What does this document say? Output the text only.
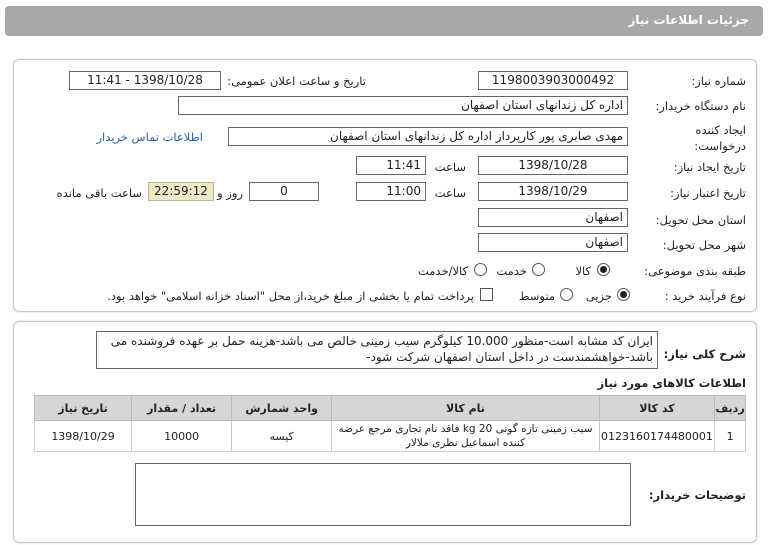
جزئیات اطلاعات نیاز
شماره نیاز:
1198003903000492
تاریخ و ساعت اعلان عمومی:
1398/10/28 - 11:41
نام دستگاه خریدار:
اداره کل زندانهای استان اصفهان
ایجاد کننده درخواست:
مهدی صابری پور کارپرداز اداره کل زندانهای استان اصفهان
اطلاعات تماس خریدار
تاریخ ایجاد نیاز:
1398/10/28
ساعت
11:41
تاریخ اعتبار نیاز:
1398/10/29
ساعت
11:00
0
روز و
22:59:12
ساعت باقی مانده
استان محل تحویل:
اصفهان
شهر محل تحویل:
اصفهان
طبقه بندی موضوعی:
کالا
خدمت
کالا/خدمت
نوع فرآیند خرید :
جزیی
متوسط
پرداخت تمام یا بخشی از مبلغ خرید،از محل "اسناد خزانه اسلامی" خواهد بود.
شرح کلی نیاز:
ایران کد مشابه است-منظور 10.000 کیلوگرم سیب زمینی خالص می باشد-هزینه حمل بر عهده فروشنده می باشد-خواهشمندست در داخل استان اصفهان شرکت شود-
اطلاعات کالاهای مورد نیاز
ردیف	کد کالا	نام کالا	واحد شمارش	تعداد / مقدار	تاریخ نیاز
1	0123160174480001	سیب زمینی تازه گونی 20 kg فاقد نام تجاری مرجع عرضه کننده اسماعیل نظری ملالار	کیسه	10000	1398/10/29
توضیحات خریدار:
